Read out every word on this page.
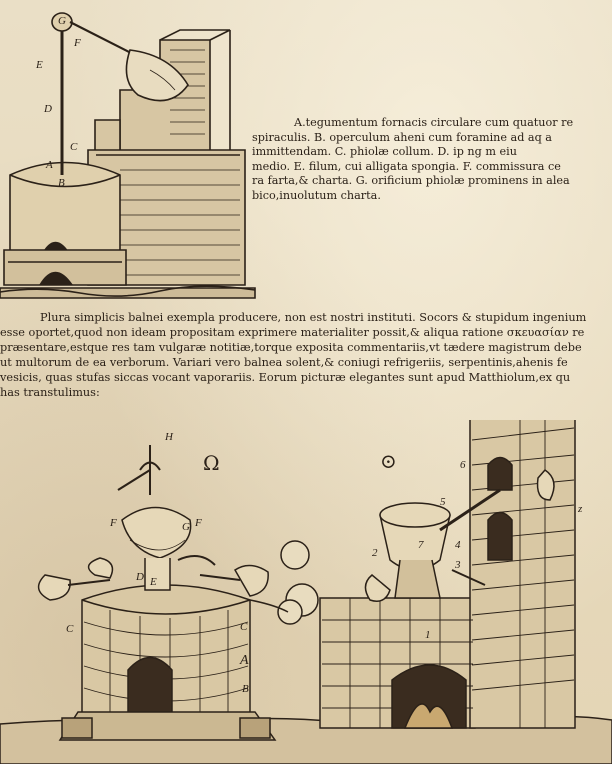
G
F
E
D
C
A
B

A.tegumentum fornacis circulare cum quatuor re

spiraculis. B. operculum aheni cum foramine ad aq a

immittendam. C. phiolæ collum. D. ip ng m eiu

medio. E. filum, cui alligata spongia. F. commissura ce

ra farta,& charta. G. orificium phiolæ prominens in alea

bico,inuolutum charta.

Plura simplicis balnei exempla producere, non est nostri instituti. Socors & stupidum ingenium

esse oportet,quod non ideam propositam exprimere materialiter possit,& aliqua ratione σκευασίαν re

præsentare,estque res tam vulgaræ notitiæ,torque exposita commentariis,vt tædere magistrum debe

ut multorum de ea verborum. Variari vero balnea solent,& coniugi refrigeriis, serpentinis,ahenis fe

vesicis, quas stufas siccas vocant vaporariis. Eorum picturæ elegantes sunt apud Matthiolum,ex qu

has transtulimus:

H
G
F	F
E
D
C	C
A
B
6
5
7	4
3
2
1
z
Ω	⊙
